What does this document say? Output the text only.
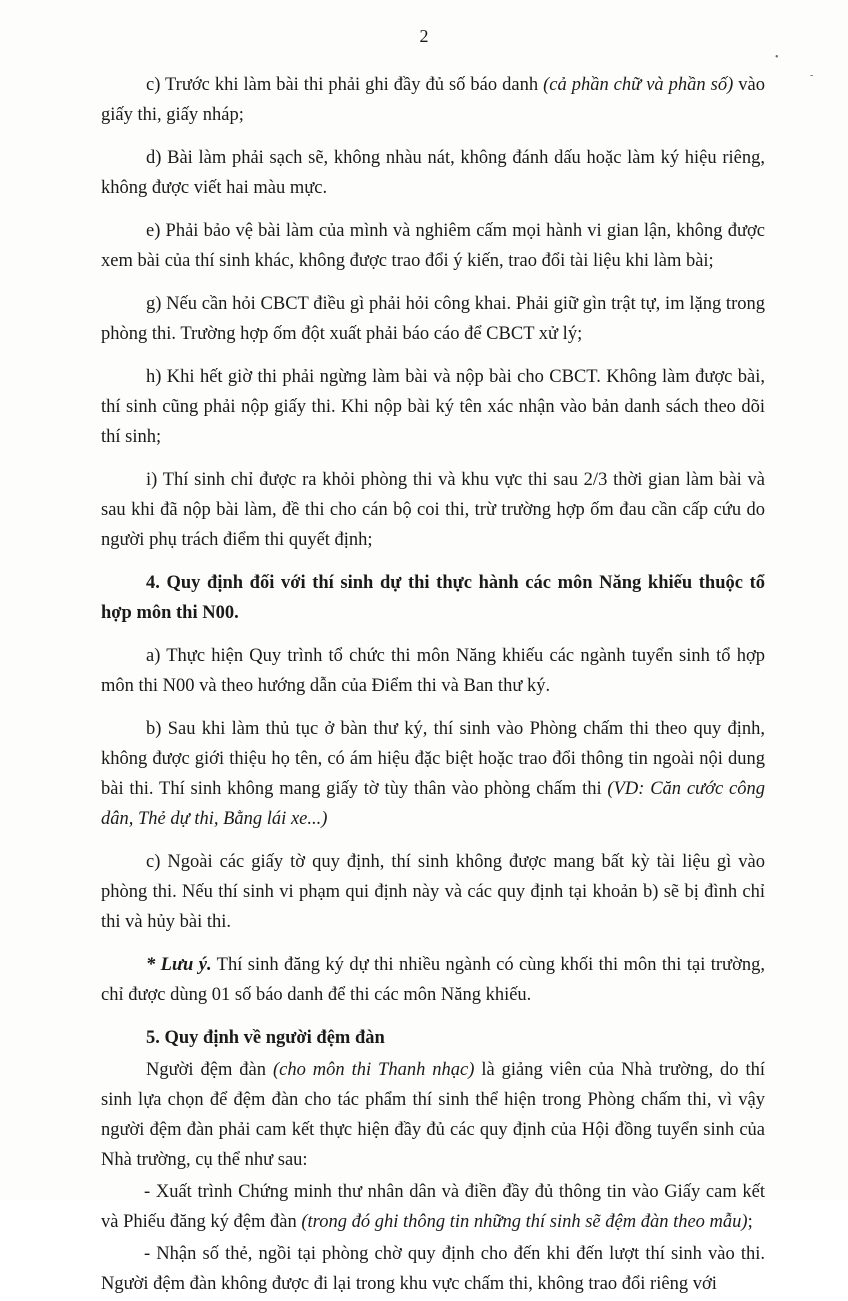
2
•
-

c) Trước khi làm bài thi phải ghi đầy đủ số báo danh (cả phần chữ và phần số) vào giấy thi, giấy nháp;

d) Bài làm phải sạch sẽ, không nhàu nát, không đánh dấu hoặc làm ký hiệu riêng, không được viết hai màu mực.

e) Phải bảo vệ bài làm của mình và nghiêm cấm mọi hành vi gian lận, không được xem bài của thí sinh khác, không được trao đổi ý kiến, trao đổi tài liệu khi làm bài;

g) Nếu cần hỏi CBCT điều gì phải hỏi công khai. Phải giữ gìn trật tự, im lặng trong phòng thi. Trường hợp ốm đột xuất phải báo cáo để CBCT xử lý;

h) Khi hết giờ thi phải ngừng làm bài và nộp bài cho CBCT. Không làm được bài, thí sinh cũng phải nộp giấy thi. Khi nộp bài ký tên xác nhận vào bản danh sách theo dõi thí sinh;

i) Thí sinh chỉ được ra khỏi phòng thi và khu vực thi sau 2/3 thời gian làm bài và sau khi đã nộp bài làm, đề thi cho cán bộ coi thi, trừ trường hợp ốm đau cần cấp cứu do người phụ trách điểm thi quyết định;

4. Quy định đối với thí sinh dự thi thực hành các môn Năng khiếu thuộc tổ hợp môn thi N00.

a) Thực hiện Quy trình tổ chức thi môn Năng khiếu các ngành tuyển sinh tổ hợp môn thi N00 và theo hướng dẫn của Điểm thi và Ban thư ký.

b) Sau khi làm thủ tục ở bàn thư ký, thí sinh vào Phòng chấm thi theo quy định, không được giới thiệu họ tên, có ám hiệu đặc biệt hoặc trao đổi thông tin ngoài nội dung bài thi. Thí sinh không mang giấy tờ tùy thân vào phòng chấm thi (VD: Căn cước công dân, Thẻ dự thi, Bằng lái xe...)

c) Ngoài các giấy tờ quy định, thí sinh không được mang bất kỳ tài liệu gì vào phòng thi. Nếu thí sinh vi phạm qui định này và các quy định tại khoản b) sẽ bị đình chỉ thi và hủy bài thi.

* Lưu ý. Thí sinh đăng ký dự thi nhiều ngành có cùng khối thi môn thi tại trường, chỉ được dùng 01 số báo danh để thi các môn Năng khiếu.

5. Quy định về người đệm đàn

Người đệm đàn (cho môn thi Thanh nhạc) là giảng viên của Nhà trường, do thí sinh lựa chọn để đệm đàn cho tác phẩm thí sinh thể hiện trong Phòng chấm thi, vì vậy người đệm đàn phải cam kết thực hiện đầy đủ các quy định của Hội đồng tuyển sinh của Nhà trường, cụ thể như sau:

- Xuất trình Chứng minh thư nhân dân và điền đầy đủ thông tin vào Giấy cam kết và Phiếu đăng ký đệm đàn (trong đó ghi thông tin những thí sinh sẽ đệm đàn theo mẫu);

- Nhận số thẻ, ngồi tại phòng chờ quy định cho đến khi đến lượt thí sinh vào thi. Người đệm đàn không được đi lại trong khu vực chấm thi, không trao đổi riêng với
